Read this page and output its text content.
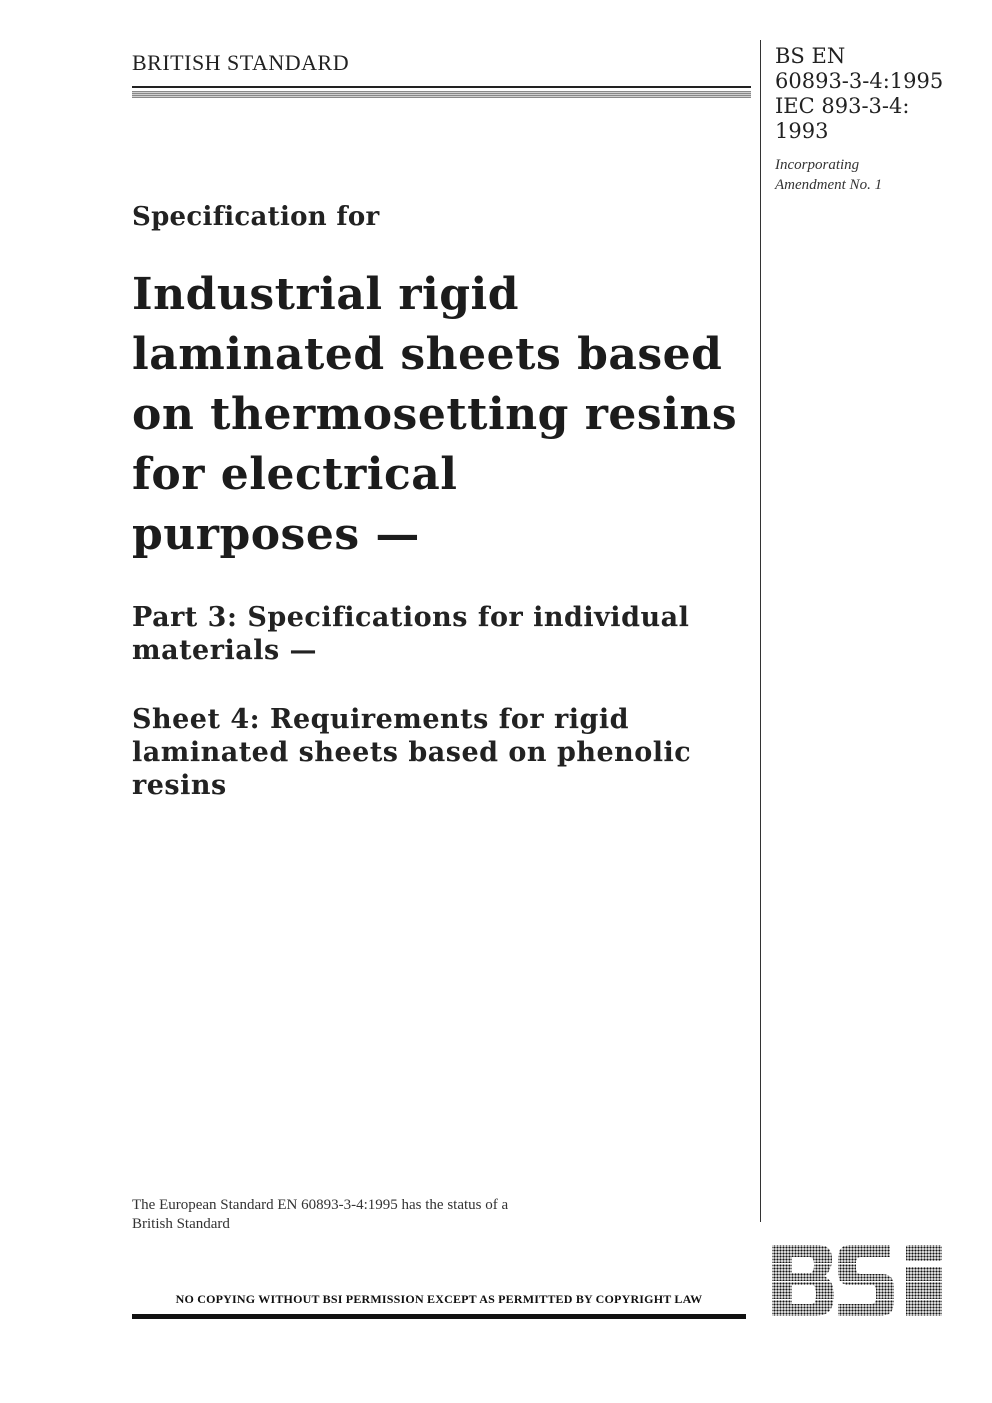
BRITISH STANDARD	BS EN
60893-3-4:1995
IEC 893-3-4:
1993
Incorporating
Amendment No. 1
Specification for
Industrial rigid
laminated sheets based
on thermosetting resins
for electrical
purposes —
Part 3: Specifications for individual
materials —
Sheet 4: Requirements for rigid
laminated sheets based on phenolic
resins
The European Standard EN 60893-3-4:1995 has the status of a
British Standard
NO COPYING WITHOUT BSI PERMISSION EXCEPT AS PERMITTED BY COPYRIGHT LAW
